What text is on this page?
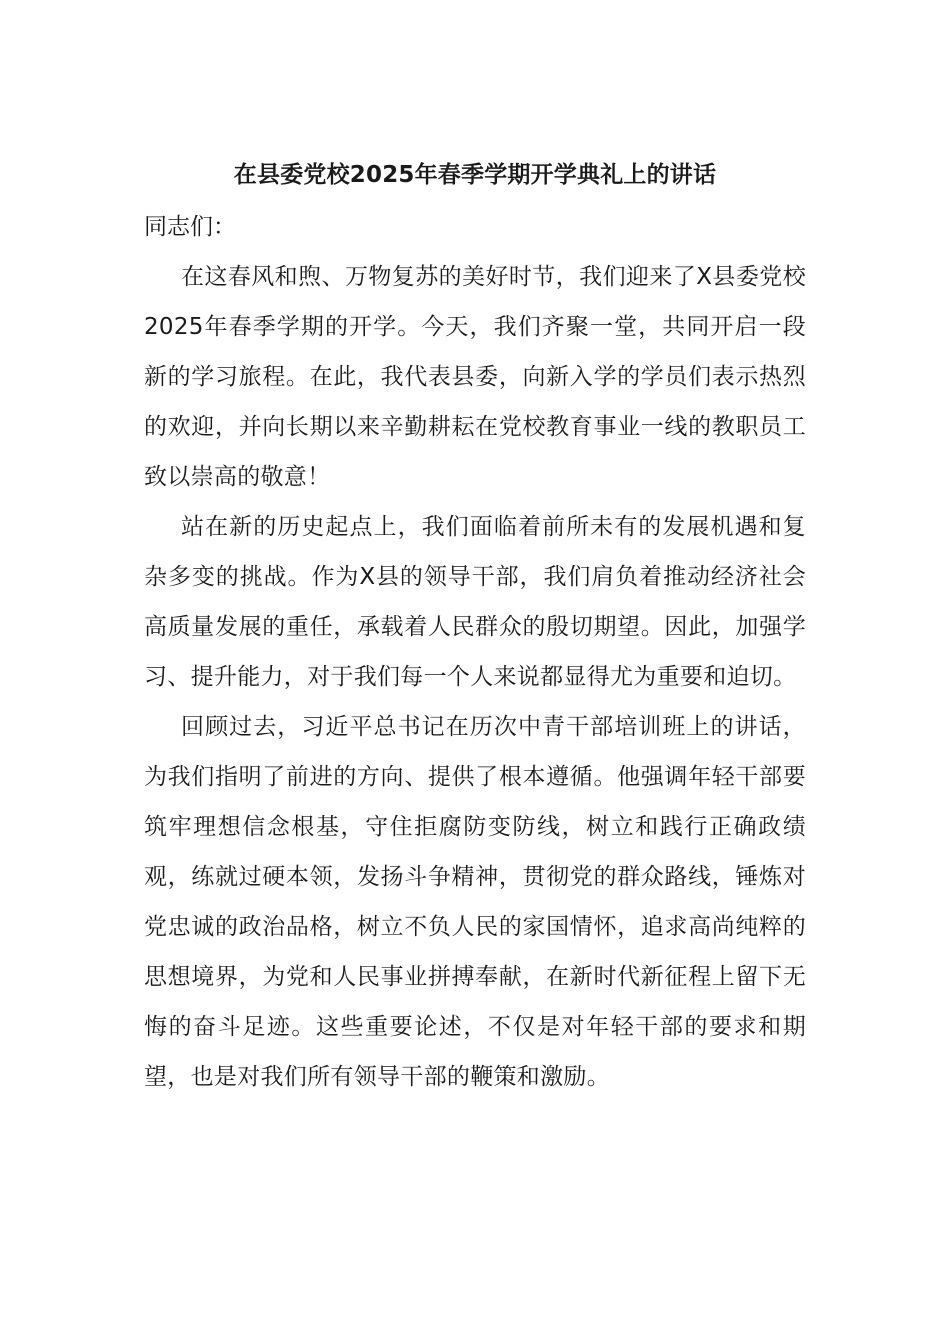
在县委党校2025年春季学期开学典礼上的讲话

同志们：

在这春风和煦、万物复苏的美好时节，我们迎来了X县委党校2025年春季学期的开学。今天，我们齐聚一堂，共同开启一段新的学习旅程。在此，我代表县委，向新入学的学员们表示热烈的欢迎，并向长期以来辛勤耕耘在党校教育事业一线的教职员工致以崇高的敬意！

站在新的历史起点上，我们面临着前所未有的发展机遇和复杂多变的挑战。作为X县的领导干部，我们肩负着推动经济社会高质量发展的重任，承载着人民群众的殷切期望。因此，加强学习、提升能力，对于我们每一个人来说都显得尤为重要和迫切。

回顾过去，习近平总书记在历次中青干部培训班上的讲话，为我们指明了前进的方向、提供了根本遵循。他强调年轻干部要筑牢理想信念根基，守住拒腐防变防线，树立和践行正确政绩观，练就过硬本领，发扬斗争精神，贯彻党的群众路线，锤炼对党忠诚的政治品格，树立不负人民的家国情怀，追求高尚纯粹的思想境界，为党和人民事业拼搏奉献，在新时代新征程上留下无悔的奋斗足迹。这些重要论述，不仅是对年轻干部的要求和期望，也是对我们所有领导干部的鞭策和激励。
